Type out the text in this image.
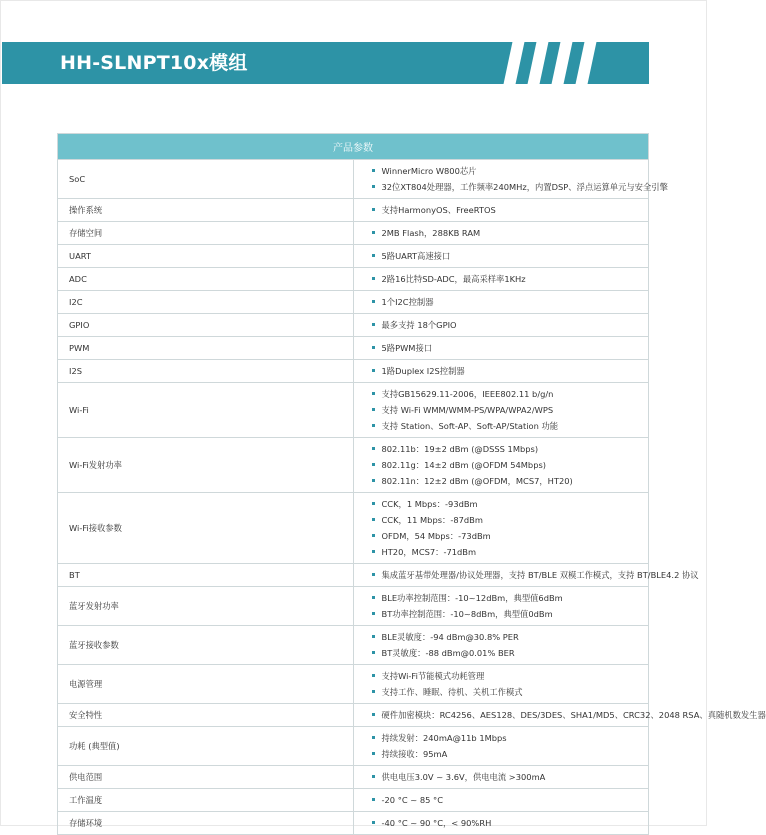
HH-SLNPT10x模组
产品参数	
SoC	WinnerMicro W800芯片
32位XT804处理器，工作频率240MHz，内置DSP、浮点运算单元与安全引擎

操作系统	支持HarmonyOS、FreeRTOS

存储空间	2MB Flash，288KB RAM

UART	5路UART高速接口

ADC	2路16比特SD-ADC，最高采样率1KHz

I2C	1个I2C控制器

GPIO	最多支持 18个GPIO

PWM	5路PWM接口

I2S	1路Duplex I2S控制器

Wi-Fi	支持GB15629.11-2006，IEEE802.11 b/g/n
支持 Wi-Fi WMM/WMM-PS/WPA/WPA2/WPS
支持 Station、Soft-AP、Soft-AP/Station 功能

Wi-Fi发射功率	802.11b：19±2 dBm (@DSSS 1Mbps)
802.11g：14±2 dBm (@OFDM 54Mbps)
802.11n：12±2 dBm (@OFDM，MCS7，HT20)

Wi-Fi接收参数	CCK，1 Mbps：-93dBm
CCK，11 Mbps：-87dBm
OFDM，54 Mbps：-73dBm
HT20，MCS7：-71dBm

BT	集成蓝牙基带处理器/协议处理器，支持 BT/BLE 双模工作模式，支持 BT/BLE4.2 协议

蓝牙发射功率	BLE功率控制范围：-10~12dBm，典型值6dBm
BT功率控制范围：-10~8dBm，典型值0dBm

蓝牙接收参数	BLE灵敏度：-94 dBm@30.8% PER
BT灵敏度：-88 dBm@0.01% BER

电源管理	支持Wi-Fi节能模式功耗管理
支持工作、睡眠、待机、关机工作模式

安全特性	硬件加密模块：RC4256、AES128、DES/3DES、SHA1/MD5、CRC32、2048 RSA、真随机数发生器

功耗 (典型值)	持续发射：240mA@11b 1Mbps
持续接收：95mA

供电范围	供电电压3.0V ~ 3.6V，供电电流 >300mA

工作温度	-20 °C ~ 85 °C

存储环境	-40 °C ~ 90 °C，< 90%RH
